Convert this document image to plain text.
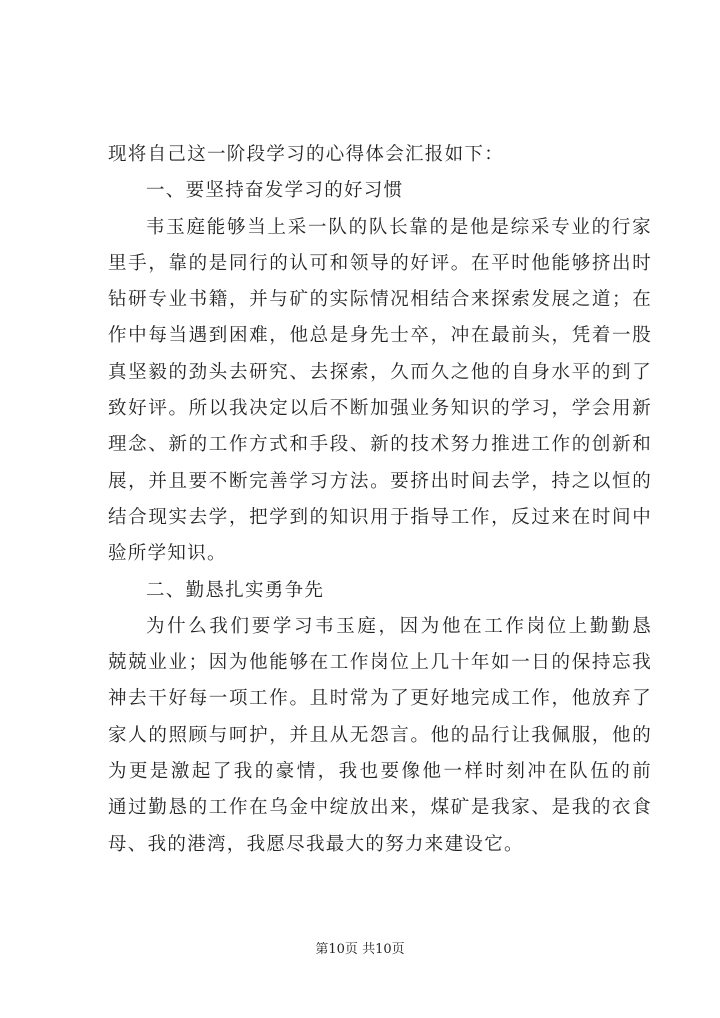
现将自己这一阶段学习的心得体会汇报如下：
一、要坚持奋发学习的好习惯
韦玉庭能够当上采一队的队长靠的是他是综采专业的行家
里手，靠的是同行的认可和领导的好评。在平时他能够挤出时
钻研专业书籍，并与矿的实际情况相结合来探索发展之道；在
作中每当遇到困难，他总是身先士卒，冲在最前头，凭着一股
真坚毅的劲头去研究、去探索，久而久之他的自身水平的到了
致好评。所以我决定以后不断加强业务知识的学习，学会用新
理念、新的工作方式和手段、新的技术努力推进工作的创新和
展，并且要不断完善学习方法。要挤出时间去学，持之以恒的
结合现实去学，把学到的知识用于指导工作，反过来在时间中
验所学知识。
二、勤恳扎实勇争先
为什么我们要学习韦玉庭，因为他在工作岗位上勤勤恳
兢兢业业；因为他能够在工作岗位上几十年如一日的保持忘我
神去干好每一项工作。且时常为了更好地完成工作，他放弃了
家人的照顾与呵护，并且从无怨言。他的品行让我佩服，他的
为更是激起了我的豪情，我也要像他一样时刻冲在队伍的前
通过勤恳的工作在乌金中绽放出来，煤矿是我家、是我的衣食
母、我的港湾，我愿尽我最大的努力来建设它。
第10页 共10页
